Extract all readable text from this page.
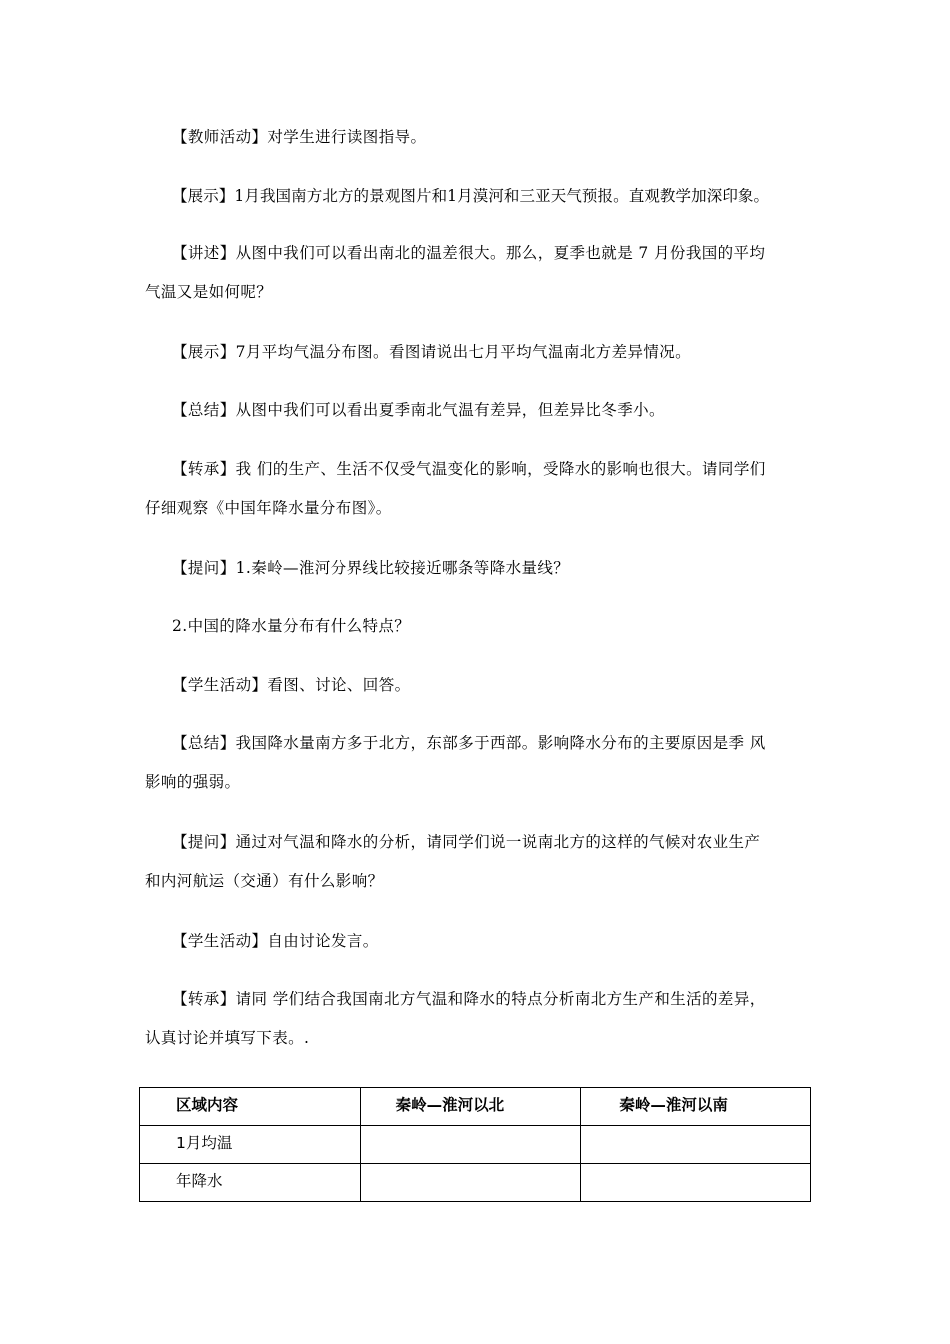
【教师活动】对学生进行读图指导。

【展示】1月我国南方北方的景观图片和1月漠河和三亚天气预报。直观教学加深印象。

【讲述】从图中我们可以看出南北的温差很大。那么，夏季也就是 7 月份我国的平均
气温又是如何呢？

【展示】7月平均气温分布图。看图请说出七月平均气温南北方差异情况。

【总结】从图中我们可以看出夏季南北气温有差异，但差异比冬季小。

【转承】我 们的生产、生活不仅受气温变化的影响，受降水的影响也很大。请同学们
仔细观察《中国年降水量分布图》。

【提问】1.秦岭—淮河分界线比较接近哪条等降水量线？

2.中国的降水量分布有什么特点？

【学生活动】看图、讨论、回答。

【总结】我国降水量南方多于北方，东部多于西部。影响降水分布的主要原因是季 风
影响的强弱。

【提问】通过对气温和降水的分析，请同学们说一说南北方的这样的气候对农业生产
和内河航运（交通）有什么影响？

【学生活动】自由讨论发言。

【转承】请同 学们结合我国南北方气温和降水的特点分析南北方生产和生活的差异，
认真讨论并填写下表。.

区域内容	秦岭—淮河以北	秦岭—淮河以南

1月均温		

年降水		
